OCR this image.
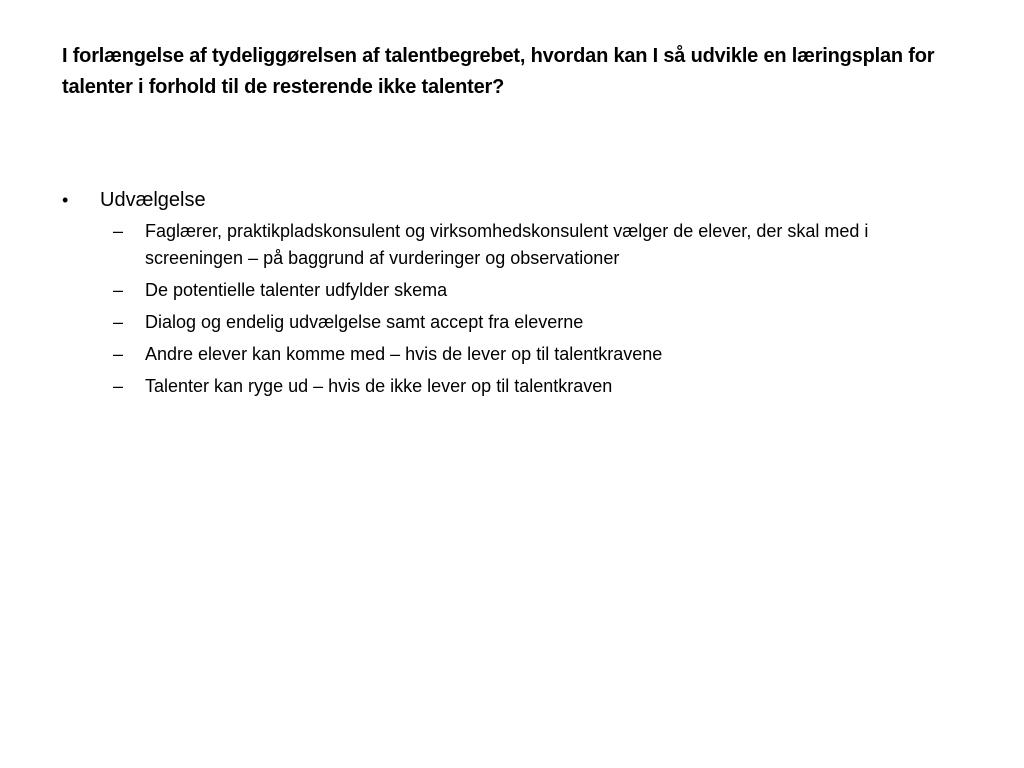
I forlængelse af tydeliggørelsen af talentbegrebet, hvordan kan I så udvikle en læringsplan for talenter i forhold til de resterende ikke talenter?
•	Udvælgelse
–	Faglærer, praktikpladskonsulent og virksomhedskonsulent vælger de elever, der skal med i screeningen – på baggrund af vurderinger og observationer
–	De potentielle talenter udfylder skema
–	Dialog og endelig udvælgelse samt accept fra eleverne
–	Andre elever kan komme med – hvis de lever op til talentkravene
–	Talenter kan ryge ud – hvis de ikke lever op til talentkraven
